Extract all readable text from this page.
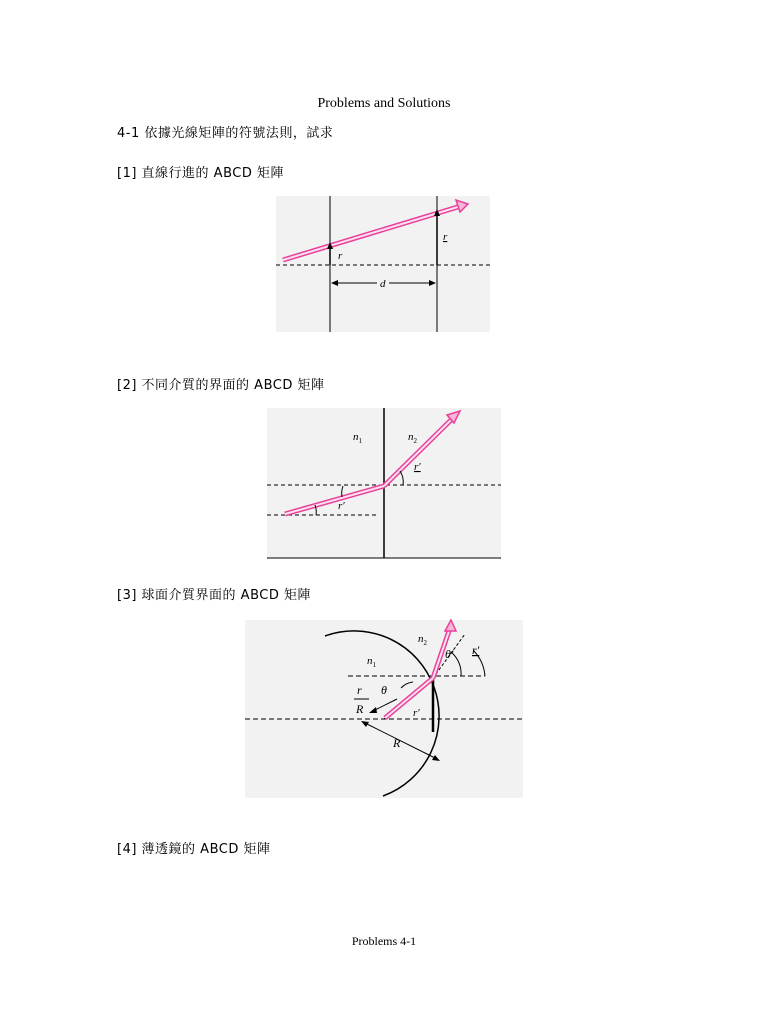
Problems and Solutions
4-1 依據光線矩陣的符號法則，試求
[1] 直線行進的 ABCD 矩陣
r
r
d
[2] 不同介質的界面的 ABCD 矩陣
$n_1$	$n_2$
r′
r′
[3] 球面介質界面的 ABCD 矩陣
$n_2$
$n_1$
θ′ r′
θ
r′
r
R
R
[4] 薄透鏡的 ABCD 矩陣
Problems 4-1
